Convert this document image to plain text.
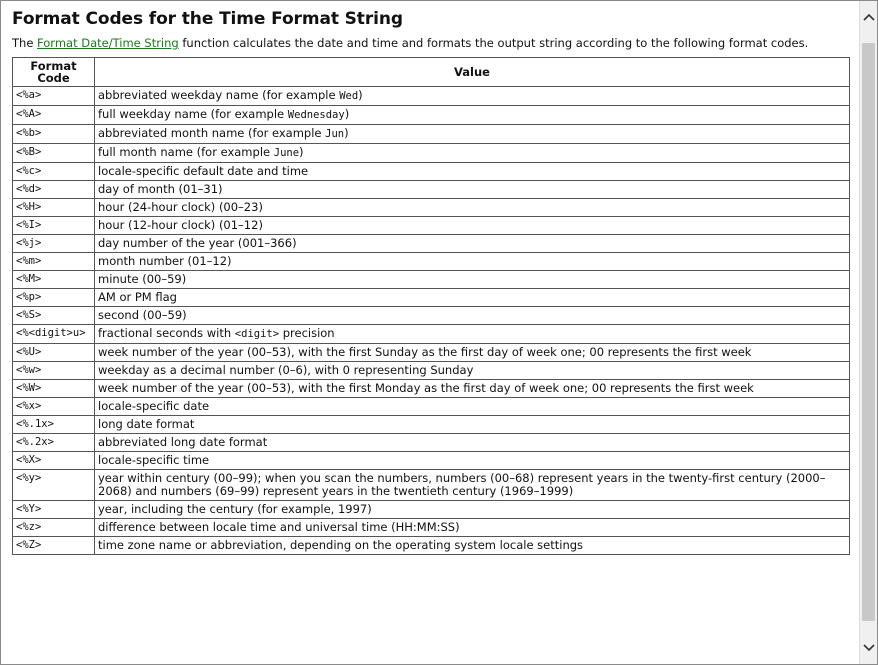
Format Codes for the Time Format String
The Format Date/Time String function calculates the date and time and formats the output string according to the following format codes.
Format Code	Value
<%a>	abbreviated weekday name (for example Wed)
<%A>	full weekday name (for example Wednesday)
<%b>	abbreviated month name (for example Jun)
<%B>	full month name (for example June)
<%c>	locale-specific default date and time
<%d>	day of month (01–31)
<%H>	hour (24-hour clock) (00–23)
<%I>	hour (12-hour clock) (01–12)
<%j>	day number of the year (001–366)
<%m>	month number (01–12)
<%M>	minute (00–59)
<%p>	AM or PM flag
<%S>	second (00–59)
<%<digit>u>	fractional seconds with <digit> precision
<%U>	week number of the year (00–53), with the first Sunday as the first day of week one; 00 represents the first week
<%w>	weekday as a decimal number (0–6), with 0 representing Sunday
<%W>	week number of the year (00–53), with the first Monday as the first day of week one; 00 represents the first week
<%x>	locale-specific date
<%.1x>	long date format
<%.2x>	abbreviated long date format
<%X>	locale-specific time
<%y>	year within century (00–99); when you scan the numbers, numbers (00–68) represent years in the twenty-first century (2000–2068) and numbers (69–99) represent years in the twentieth century (1969–1999)
<%Y>	year, including the century (for example, 1997)
<%z>	difference between locale time and universal time (HH:MM:SS)
<%Z>	time zone name or abbreviation, depending on the operating system locale settings
